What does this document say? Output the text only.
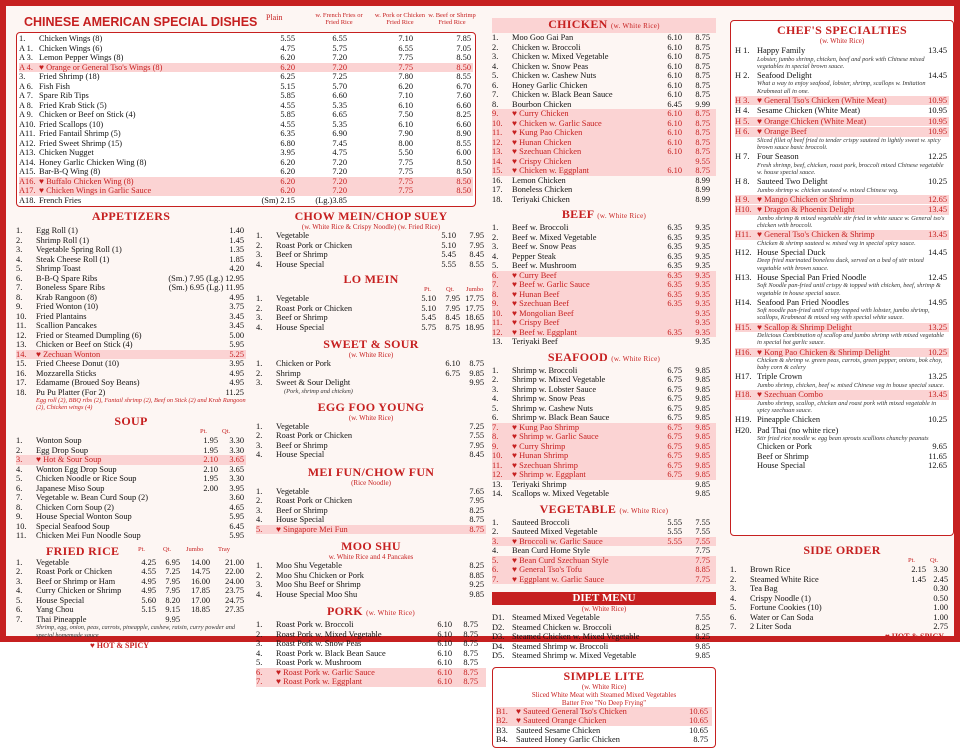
CHINESE AMERICAN SPECIAL DISHES Plain	w. French Fries or Fried Rice
w. Pork or Chicken Fried Rice
w. Beef or Shrimp Fried Rice
1.	Chicken Wings (8)	5.55	6.55	7.10	7.85
A 1. Chicken Wings (6)	4.75	5.75	6.55	7.05
A 3. Lemon Pepper Wings (8)	6.20	7.20	7.75	8.50
A 4. ♥ Orange or General Tso's Wings (8)	6.20	7.20	7.75	8.50
3.	Fried Shrimp (18)	6.25	7.25	7.80	8.55
A 6. Fish Fish	5.15	5.70	6.20	6.70
A 7. Spare Rib Tips	5.85	6.60	7.10	7.60
A 8. Fried Krab Stick (5)	4.55	5.35	6.10	6.60
A 9. Chicken or Beef on Stick (4)	5.85	6.65	7.50	8.25
A10. Fried Scallops (10)	4.55	5.35	6.10	6.60
A11. Fried Fantail Shrimp (5)	6.35	6.90	7.90	8.90
A12. Fried Sweet Shrimp (15)	6.80	7.45	8.00	8.55
A13. Chicken Nugget	3.95	4.75	5.50	6.00
A14. Honey Garlic Chicken Wing (8)	6.20	7.20	7.75	8.50
A15. Bar-B-Q Wing (8)	6.20	7.20	7.75	8.50
A16. ♥ Buffalo Chicken Wing (8)	6.20	7.20	7.75	8.50
A17. ♥ Chicken Wings in Garlic Sauce	6.20	7.20	7.75	8.50
A18. French Fries	(Sm) 2.15	(Lg.)3.85
APPETIZERS
1.	Egg Roll (1)	1.40
2.	Shrimp Roll (1)	1.45
3.	Vegetable Spring Roll (1)	1.35
4.	Steak Cheese Roll (1)	1.85
5.	Shrimp Toast	4.20
6.	B-B-Q Spare Ribs	(Sm.) 7.95 (Lg.) 12.95
7.	Boneless Spare Ribs	(Sm.) 6.95 (Lg.) 11.95
8.	Krab Rangoon (8)	4.95
9.	Fried Wonton (10)	3.75
10.	Fried Plantains	3.45
11.	Scallion Pancakes	3.45
12.	Fried or Steamed Dumpling (6)	5.00
13.	Chicken or Beef on Stick (4)	5.95
14.	♥ Zechuan Wonton	5.25
15.	Fried Cheese Donut (10)	3.95
16.	Mozzarella Sticks	4.95
17.	Edamame (Broued Soy Beans)	4.95
18.	Pu Pu Platter (For 2)	11.25
Egg roll (2), BBQ ribs (2), Fantail shrimp (2), Beef on Stick (2) and Krab Rangoon (2), Chicken wings (4)
SOUP
Pt. Qt.
1.	Wonton Soup	1.95	3.30
2.	Egg Drop Soup	1.95	3.30
3.	♥ Hot & Sour Soup	2.10	3.65
4.	Wonton Egg Drop Soup	2.10	3.65
5.	Chicken Noodle or Rice Soup	1.95	3.30
6.	Japanese Miso Soup	2.00	3.95
7.	Vegetable w. Bean Curd Soup (2)	3.60
8.	Chicken Corn Soup (2)	4.65
9.	House Special Wonton Soup	5.95
10.	Special Seafood Soup	6.45
11.	Chicken Mei Fun Noodle Soup	5.95
FRIED RICE	Pt.	Qt. Jumbo Tray
1.	Vegetable	4.25	6.95	14.00	21.00
2.	Roast Pork or Chicken	4.55	7.25	14.75	22.00
3.	Beef or Shrimp or Ham	4.95	7.95	16.00	24.00
4.	Curry Chicken or Shrimp	4.95	7.95	17.85	23.75
5.	House Special	5.60	8.20	17.00	24.75
6.	Yang Chou	5.15	9.15	18.85	27.35
7.	Thai Pineapple	9.95
Shrimp, egg, onion, peas, carrots, pineapple, cashew, raisin, curry powder and special homemade sauce
♥ HOT & SPICY
CHOW MEIN/CHOP SUEY
(w. White Rice & Crispy Noodle) (w. Fried Rice)
1.	Vegetable	5.10	7.95
2.	Roast Pork or Chicken	5.10	7.95
3.	Beef or Shrimp	5.45	8.45
4.	House Special	5.55	8.55
LO MEIN
Pt. Qt. Jumbo
1.	Vegetable	5.10	7.95 17.75
2.	Roast Pork or Chicken	5.10	7.95 17.75
3.	Beef or Shrimp	5.45	8.45 18.65
4.	House Special	5.75	8.75 18.95
SWEET & SOUR
(w. White Rice)
1.	Chicken or Pork	6.10	8.75
2.	Shrimp	6.75	9.85
3.	Sweet & Sour Delight	9.95
(Pork, shrimp and chicken)
EGG FOO YOUNG
(w. White Rice)
1.	Vegetable	7.25
2.	Roast Pork or Chicken	7.55
3.	Beef or Shrimp	7.95
4.	House Special	8.45
MEI FUN/CHOW FUN
(Rice Noodle)
1.	Vegetable	7.65
2.	Roast Pork or Chicken	7.95
3.	Beef or Shrimp	8.25
4.	House Special	8.75
5.	♥ Singapore Mei Fun	8.75
MOO SHU
w. White Rice and 4 Pancakes
1.	Moo Shu Vegetable	8.25
2.	Moo Shu Chicken or Pork	8.85
3.	Moo Shu Beef or Shrimp	9.25
4.	House Special Moo Shu	9.85
PORK (w. White Rice)
1.	Roast Pork w. Broccoli	6.10	8.75
2.	Roast Pork w. Mixed Vegetable	6.10	8.75
3.	Roast Pork w. Snow Peas	6.10	8.75
4.	Roast Pork w. Black Bean Sauce	6.10	8.75
5.	Roast Pork w. Mushroom	6.10	8.75
6.	♥ Roast Pork w. Garlic Sauce	6.10	8.75
7.	♥ Roast Pork w. Eggplant	6.10	8.75
CHICKEN (w. White Rice)
1.	Moo Goo Gai Pan	6.10	8.75
2.	Chicken w. Broccoli	6.10	8.75
3.	Chicken w. Mixed Vegetable	6.10	8.75
4.	Chicken w. Snow Peas	6.10	8.75
5.	Chicken w. Cashew Nuts	6.10	8.75
6.	Honey Garlic Chicken	6.10	8.75
7.	Chicken w. Black Bean Sauce	6.10	8.75
8.	Bourbon Chicken	6.45	9.99
9.	♥ Curry Chicken	6.10	8.75
10.	♥ Chicken w. Garlic Sauce	6.10	8.75
11.	♥ Kung Pao Chicken	6.10	8.75
12.	♥ Hunan Chicken	6.10	8.75
13.	♥ Szechuan Chicken	6.10	8.75
14.	♥ Crispy Chicken	9.55
15.	♥ Chicken w. Eggplant	6.10	8.75
16.	Lemon Chicken	8.99
17.	Boneless Chicken	8.99
18.	Teriyaki Chicken	8.99
BEEF (w. White Rice)
1.	Beef w. Broccoli	6.35	9.35
2.	Beef w. Mixed Vegetable	6.35	9.35
3.	Beef w. Snow Peas	6.35	9.35
4.	Pepper Steak	6.35	9.35
5.	Beef w. Mushroom	6.35	9.35
6.	♥ Curry Beef	6.35	9.35
7.	♥ Beef w. Garlic Sauce	6.35	9.35
8.	♥ Hunan Beef	6.35	9.35
9.	♥ Szechuan Beef	6.35	9.35
10.	♥ Mongolian Beef	9.35
11.	♥ Crispy Beef	9.35
12.	♥ Beef w. Eggplant	6.35	9.35
13.	Teriyaki Beef	9.35
SEAFOOD (w. White Rice)
1.	Shrimp w. Broccoli	6.75	9.85
2.	Shrimp w. Mixed Vegetable	6.75	9.85
3.	Shrimp w. Lobster Sauce	6.75	9.85
4.	Shrimp w. Snow Peas	6.75	9.85
5.	Shrimp w. Cashew Nuts	6.75	9.85
6.	Shrimp w. Black Bean Sauce	6.75	9.85
7.	♥ Kung Pao Shrimp	6.75	9.85
8.	♥ Shrimp w. Garlic Sauce	6.75	9.85
9.	♥ Curry Shrimp	6.75	9.85
10.	♥ Hunan Shrimp	6.75	9.85
11.	♥ Szechuan Shrimp	6.75	9.85
12.	♥ Shrimp w. Eggplant	6.75	9.85
13.	Teriyaki Shrimp	9.85
14.	Scallops w. Mixed Vegetable	9.85
VEGETABLE (w. White Rice)
1.	Sauteed Broccoli	5.55	7.55
2.	Sauteed Mixed Vegetable	5.55	7.55
3.	♥ Broccoli w. Garlic Sauce	5.55	7.55
4.	Bean Curd Home Style	7.75
5.	♥ Bean Curd Szechuan Style	7.75
6.	♥ General Tso's Tofu	8.85
7.	♥ Eggplant w. Garlic Sauce	7.75
DIET MENU
(w. White Rice)
D1. Steamed Mixed Vegetable	7.55
D2. Steamed Chicken w. Broccoli	8.25
D3. Steamed Chicken w. Mixed Vegetable	8.25
D4. Steamed Shrimp w. Broccoli	9.85
D5. Steamed Shrimp w. Mixed Vegetable	9.85
SIMPLE LITE
(w. White Rice)
Sliced White Meat with Steamed Mixed Vegetables
Batter Free "No Deep Frying"
B1. ♥ Sauteed General Tso's Chicken	10.65
B2. ♥ Sauteed Orange Chicken	10.65
B3. Sauteed Sesame Chicken	10.65
B4. Sauteed Honey Garlic Chicken	8.75
CHEF'S SPECIALTIES
(w. White Rice)
H 1. Happy Family	13.45
Lobster, jumbo shrimp, chicken, beef and pork with Chinese mixed vegetables in special brown sauce.
H 2. Seafood Delight	14.45
What a way to enjoy seafood, lobster, shrimp, scallops w. Imitation Krabmeat all in one.
H 3. ♥ General Tso's Chicken (White Meat)	10.95
H 4. Sesame Chicken (White Meat)	10.95
H 5. ♥ Orange Chicken (White Meat)	10.95
H 6. ♥ Orange Beef	10.95
Sliced fillet of beef fried to tender crispy sauteed in lightly sweet w. spicy brown sauce basic broccoli.
H 7. Four Season	12.25
Fresh shrimp, beef, chicken, roast pork, broccoli mixed Chinese vegetable w. house special sauce.
H 8. Sauteed Two Delight	10.25
Jumbo shrimp w. chicken sauteed w. mixed Chinese veg.
H 9. ♥ Mango Chicken or Shrimp	12.65
H10. ♥ Dragon & Phoenix Delight	13.45
Jumbo shrimp & mixed vegetable stir fried in white sauce w. General tso's chicken with broccoli.
H11. ♥ General Tso's Chicken & Shrimp	13.45
Chicken & shrimp sauteed w. mixed veg in special spicy sauce.
H12. House Special Duck	14.45
Deep fried marinated boneless duck, served on a bed of stir mixed vegetable with brown sauce.
H13. House Special Pan Fried Noodle	12.45
Soft Noodle pan-fried until crispy & topped with chicken, beef, shrimp & vegetable in house special sauce.
H14. Seafood Pan Fried Noodles	14.95
Soft noodle pan-fried until crispy topped with lobster, jumbo shrimp, scallops, Krabmeat & mixed veg with special white sauce.
H15. ♥ Scallop & Shrimp Delight	13.25
Delicious Combination of scallop and jumbo shrimp with mixed vegetable in special hot garlic sauce.
H16. ♥ Kong Pao Chicken & Shrimp Delight	10.25
Chicken & shrimp w. green peas, carrots, green pepper, onions, bok choy, baby corn & celery
H17. Triple Crown	13.25
Jumbo shrimp, chicken, beef w. mixed Chinese veg in house special sauce.
H18. ♥ Szechuan Combo	13.45
Jumbo shrimp, scallop, chicken and roast pork with mixed vegetable in spicy szechuan sauce.
H19. Pineapple Chicken	10.25
H20. Pad Thai (no white rice)
Stir fried rice noodle w. egg bean sprouts scallions chunchy peanuts
Chicken or Pork	9.65
Beef or Shrimp	11.65
House Special	12.65
SIDE ORDER
Pt. Qt.
1.	Brown Rice	2.15 3.30
2.	Steamed White Rice	1.45 2.45
3.	Tea Bag	0.30
4.	Crispy Noodle (1)	0.50
5.	Fortune Cookies (10)	1.00
6.	Water or Can Soda	1.00
7.	2 Liter Soda	2.75
♥ HOT & SPICY
